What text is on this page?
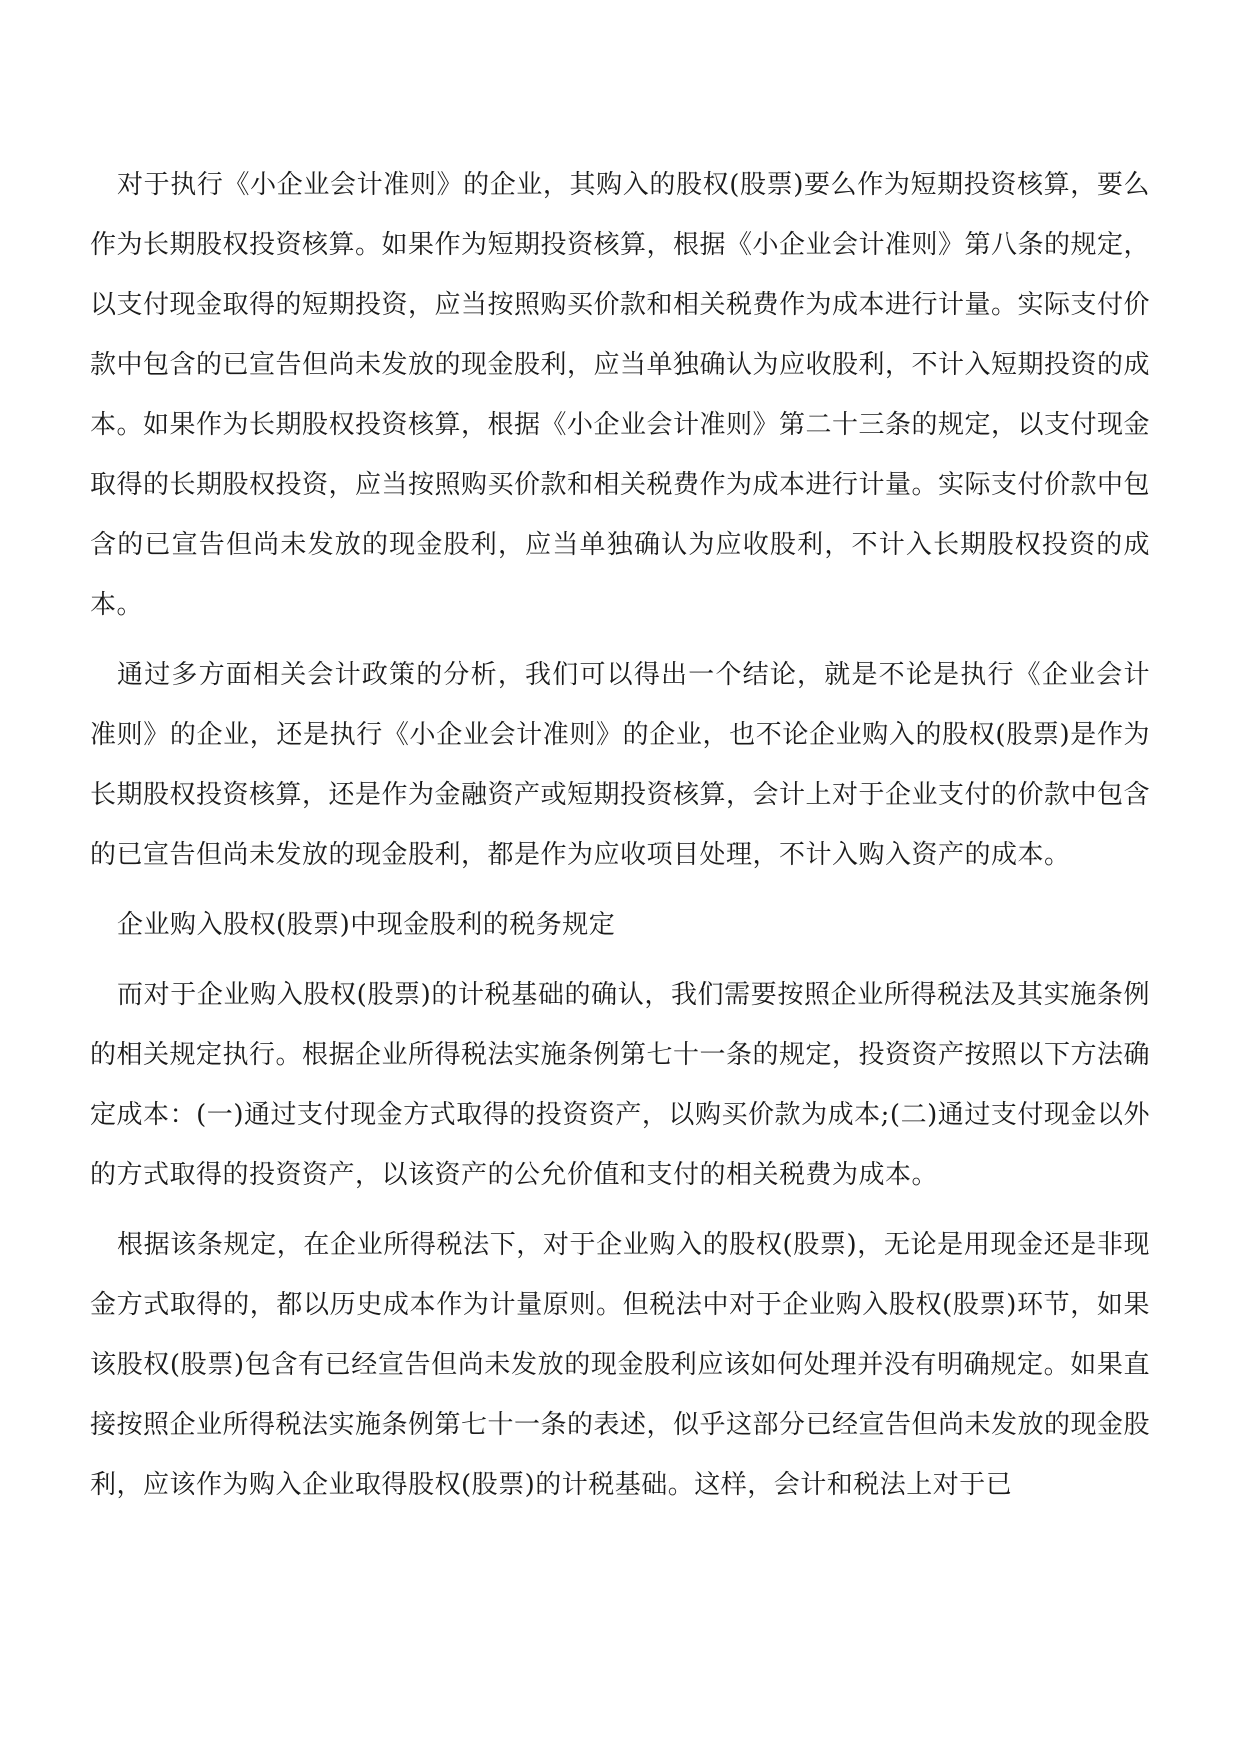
对于执行《小企业会计准则》的企业，其购入的股权(股票)要么作为短期投资核算，要么作为长期股权投资核算。如果作为短期投资核算，根据《小企业会计准则》第八条的规定，以支付现金取得的短期投资，应当按照购买价款和相关税费作为成本进行计量。实际支付价款中包含的已宣告但尚未发放的现金股利，应当单独确认为应收股利，不计入短期投资的成本。如果作为长期股权投资核算，根据《小企业会计准则》第二十三条的规定，以支付现金取得的长期股权投资，应当按照购买价款和相关税费作为成本进行计量。实际支付价款中包含的已宣告但尚未发放的现金股利，应当单独确认为应收股利，不计入长期股权投资的成本。

通过多方面相关会计政策的分析，我们可以得出一个结论，就是不论是执行《企业会计准则》的企业，还是执行《小企业会计准则》的企业，也不论企业购入的股权(股票)是作为长期股权投资核算，还是作为金融资产或短期投资核算，会计上对于企业支付的价款中包含的已宣告但尚未发放的现金股利，都是作为应收项目处理，不计入购入资产的成本。

企业购入股权(股票)中现金股利的税务规定

而对于企业购入股权(股票)的计税基础的确认，我们需要按照企业所得税法及其实施条例的相关规定执行。根据企业所得税法实施条例第七十一条的规定，投资资产按照以下方法确定成本：(一)通过支付现金方式取得的投资资产，以购买价款为成本;(二)通过支付现金以外的方式取得的投资资产，以该资产的公允价值和支付的相关税费为成本。

根据该条规定，在企业所得税法下，对于企业购入的股权(股票)，无论是用现金还是非现金方式取得的，都以历史成本作为计量原则。但税法中对于企业购入股权(股票)环节，如果该股权(股票)包含有已经宣告但尚未发放的现金股利应该如何处理并没有明确规定。如果直接按照企业所得税法实施条例第七十一条的表述，似乎这部分已经宣告但尚未发放的现金股利，应该作为购入企业取得股权(股票)的计税基础。这样，会计和税法上对于已
